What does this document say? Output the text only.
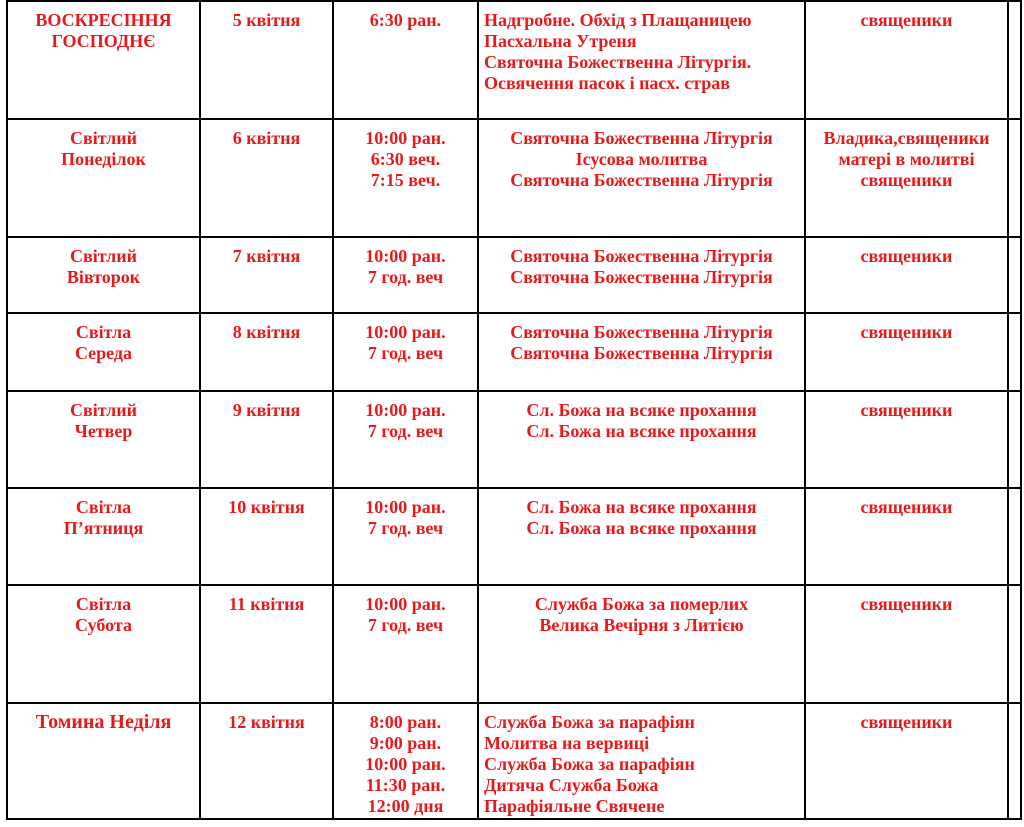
ВОСКРЕСІННЯ
ГОСПОДНЄ	5 квітня	6:30 ран.	Надгробне. Обхід з Плащаницею
Пасхальна Утреня
Святочна Божественна Літургія.
Освячення пасок і пасх. страв	священики	

Світлий
Понеділок	6 квітня	10:00 ран.
6:30 веч.
7:15 веч.	Святочна Божественна Літургія
Ісусова молитва
Святочна Божественна Літургія	Владика,священики
матері в молитві
священики	

Світлий
Вівторок	7 квітня	10:00 ран.
7 год. веч	Святочна Божественна Літургія
Святочна Божественна Літургія	священики	

Світла
Середа	8 квітня	10:00 ран.
7 год. веч	Святочна Божественна Літургія
Святочна Божественна Літургія	священики	

Світлий
Четвер	9 квітня	10:00 ран.
7 год. веч	Сл. Божа на всяке прохання
Сл. Божа на всяке прохання	священики	

Світла
П’ятниця	10 квітня	10:00 ран.
7 год. веч	Сл. Божа на всяке прохання
Сл. Божа на всяке прохання	священики	

Світла
Субота	11 квітня	10:00 ран.
7 год. веч	Служба Божа за померлих
Велика Вечірня з Литією	священики	

Томина Неділя	12 квітня	8:00 ран.
9:00 ран.
10:00 ран.
11:30 ран.
12:00 дня	Служба Божа за парафіян
Молитва на вервиці
Служба Божа за парафіян
Дитяча Служба Божа
Парафіяльне Свячене	священики	
